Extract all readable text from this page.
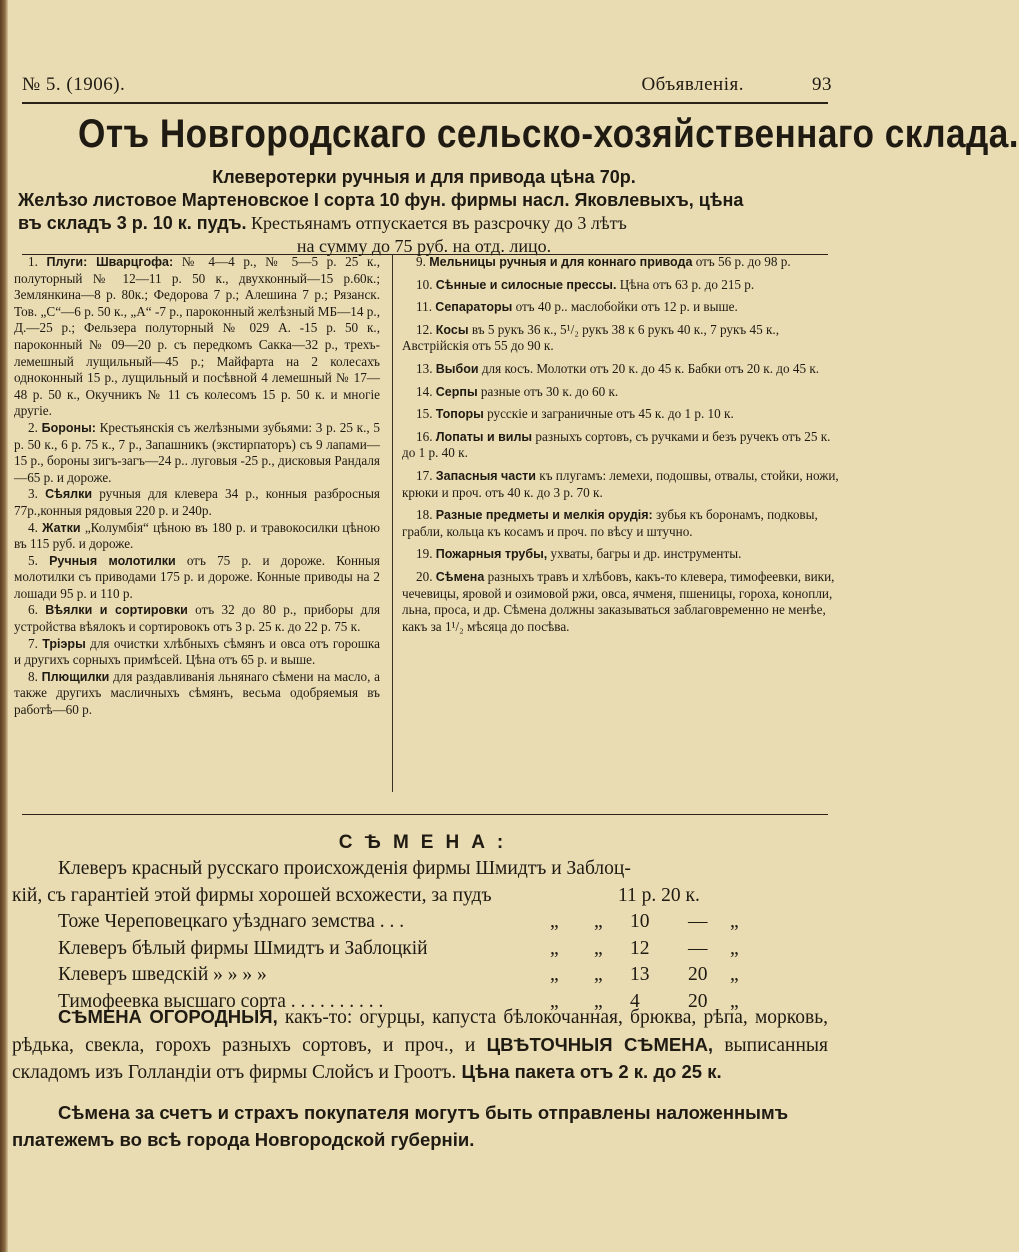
№ 5. (1906).	Объявленія.	93
Отъ Новгородскаго сельско-хозяйственнаго склада.
Клеверотерки ручныя и для привода цѣна 70р.
Желѣзо листовое Мартеновское I сорта 10 фун. фирмы насл. Яковлевыхъ, цѣна
въ складъ 3 р. 10 к. пудъ. Крестьянамъ отпускается въ разсрочку до 3 лѣтъ
на сумму до 75 руб. на отд. лицо.

1. Плуги: Шварцгофа: № 4—4 р., № 5—5 р. 25 к., полуторный № 12—11 р. 50 к., двухконный—15 р.60к.; Землянкина—8 р. 80к.; Федорова 7 р.; Алешина 7 р.; Рязанск. Тов. „С“—6 р. 50 к., „А“ -7 р., пароконный желѣзный МБ—14 р., Д.—25 р.; Фельзера полуторный № 029 А. -15 р. 50 к., пароконный № 09—20 р. съ передкомъ Сакка—32 р., трехъ-лемешный лущильный—45 р.; Майфарта на 2 колесахъ одноконный 15 р., лущильный и посѣвной 4 лемешный № 17—48 р. 50 к., Окучникъ № 11 съ колесомъ 15 р. 50 к. и многіе другіе.

2. Бороны: Крестьянскія съ желѣзными зубьями: 3 р. 25 к., 5 р. 50 к., 6 р. 75 к., 7 р., Запашникъ (экстирпаторъ) съ 9 лапами—15 р., бороны зигъ-загъ—24 р.. луговыя -25 р., дисковыя Рандаля—65 р. и дороже.

3. Сѣялки ручныя для клевера 34 р., конныя разбросныя 77р.,конныя рядовыя 220 р. и 240р.

4. Жатки „Колумбія“ цѣною въ 180 р. и травокосилки цѣною въ 115 руб. и дороже.

5. Ручныя молотилки отъ 75 р. и дороже. Конныя молотилки съ приводами 175 р. и дороже. Конные приводы на 2 лошади 95 р. и 110 р.

6. Вѣялки и сортировки отъ 32 до 80 р., приборы для устройства вѣялокъ и сортировокъ отъ 3 р. 25 к. до 22 р. 75 к.

7. Тріэры для очистки хлѣбныхъ сѣмянъ и овса отъ горошка и другихъ сорныхъ примѣсей. Цѣна отъ 65 р. и выше.

8. Плющилки для раздавливанія льнянаго сѣмени на масло, а также другихъ масличныхъ сѣмянъ, весьма одобряемыя въ работѣ—60 р.

9. Мельницы ручныя и для коннаго привода отъ 56 р. до 98 р.

10. Сѣнные и силосные прессы. Цѣна отъ 63 р. до 215 р.

11. Сепараторы отъ 40 р.. маслобойки отъ 12 р. и выше.

12. Косы въ 5 рукъ 36 к., 5¹/₂ рукъ 38 к 6 рукъ 40 к., 7 рукъ 45 к., Австрійскія отъ 55 до 90 к.

13. Выбои для косъ. Молотки отъ 20 к. до 45 к. Бабки отъ 20 к. до 45 к.

14. Серпы разные отъ 30 к. до 60 к.

15. Топоры русскіе и заграничные отъ 45 к. до 1 р. 10 к.

16. Лопаты и вилы разныхъ сортовъ, съ ручками и безъ ручекъ отъ 25 к. до 1 р. 40 к.

17. Запасныя части къ плугамъ: лемехи, подошвы, отвалы, стойки, ножи, крюки и проч. отъ 40 к. до 3 р. 70 к.

18. Разные предметы и мелкія орудія: зубья къ боронамъ, подковы, грабли, кольца къ косамъ и проч. по вѣсу и штучно.

19. Пожарныя трубы, ухваты, багры и др. инструменты.

20. Сѣмена разныхъ травъ и хлѣбовъ, какъ-то клевера, тимофеевки, вики, чечевицы, яровой и озимовой ржи, овса, ячменя, пшеницы, гороха, конопли, льна, проса, и др. Сѣмена должны заказываться заблаговременно не менѣе, какъ за 1¹/₂ мѣсяца до посѣва.

СѢМЕНА:
Клеверъ красный русскаго происхожденія фирмы Шмидтъ и Заблоц-
кій, съ гарантіей этой фирмы хорошей всхожести, за пудъ	11 р. 20 к.
Тоже Череповецкаго уѣзднаго земства . . .	„ „ 10 — „
Клеверъ бѣлый фирмы Шмидтъ и Заблоцкій	„ „ 12 — „
Клеверъ шведскій » » » »	„ „ 13 20 „
Тимофеевка высшаго сорта . . . . . . . . . .	„ „ 4 20 „
СѢМЕНА ОГОРОДНЫЯ, какъ-то: огурцы, капуста бѣлокочанная, брюква, рѣпа, морковь, рѣдька, свекла, горохъ разныхъ сортовъ, и проч., и ЦВѢТОЧНЫЯ СѢМЕНА, выписанныя складомъ изъ Голландіи отъ фирмы Слойсъ и Гроотъ. Цѣна пакета отъ 2 к. до 25 к.
Сѣмена за счетъ и страхъ покупателя могутъ быть отправлены наложеннымъ платежемъ во всѣ города Новгородской губерніи.
